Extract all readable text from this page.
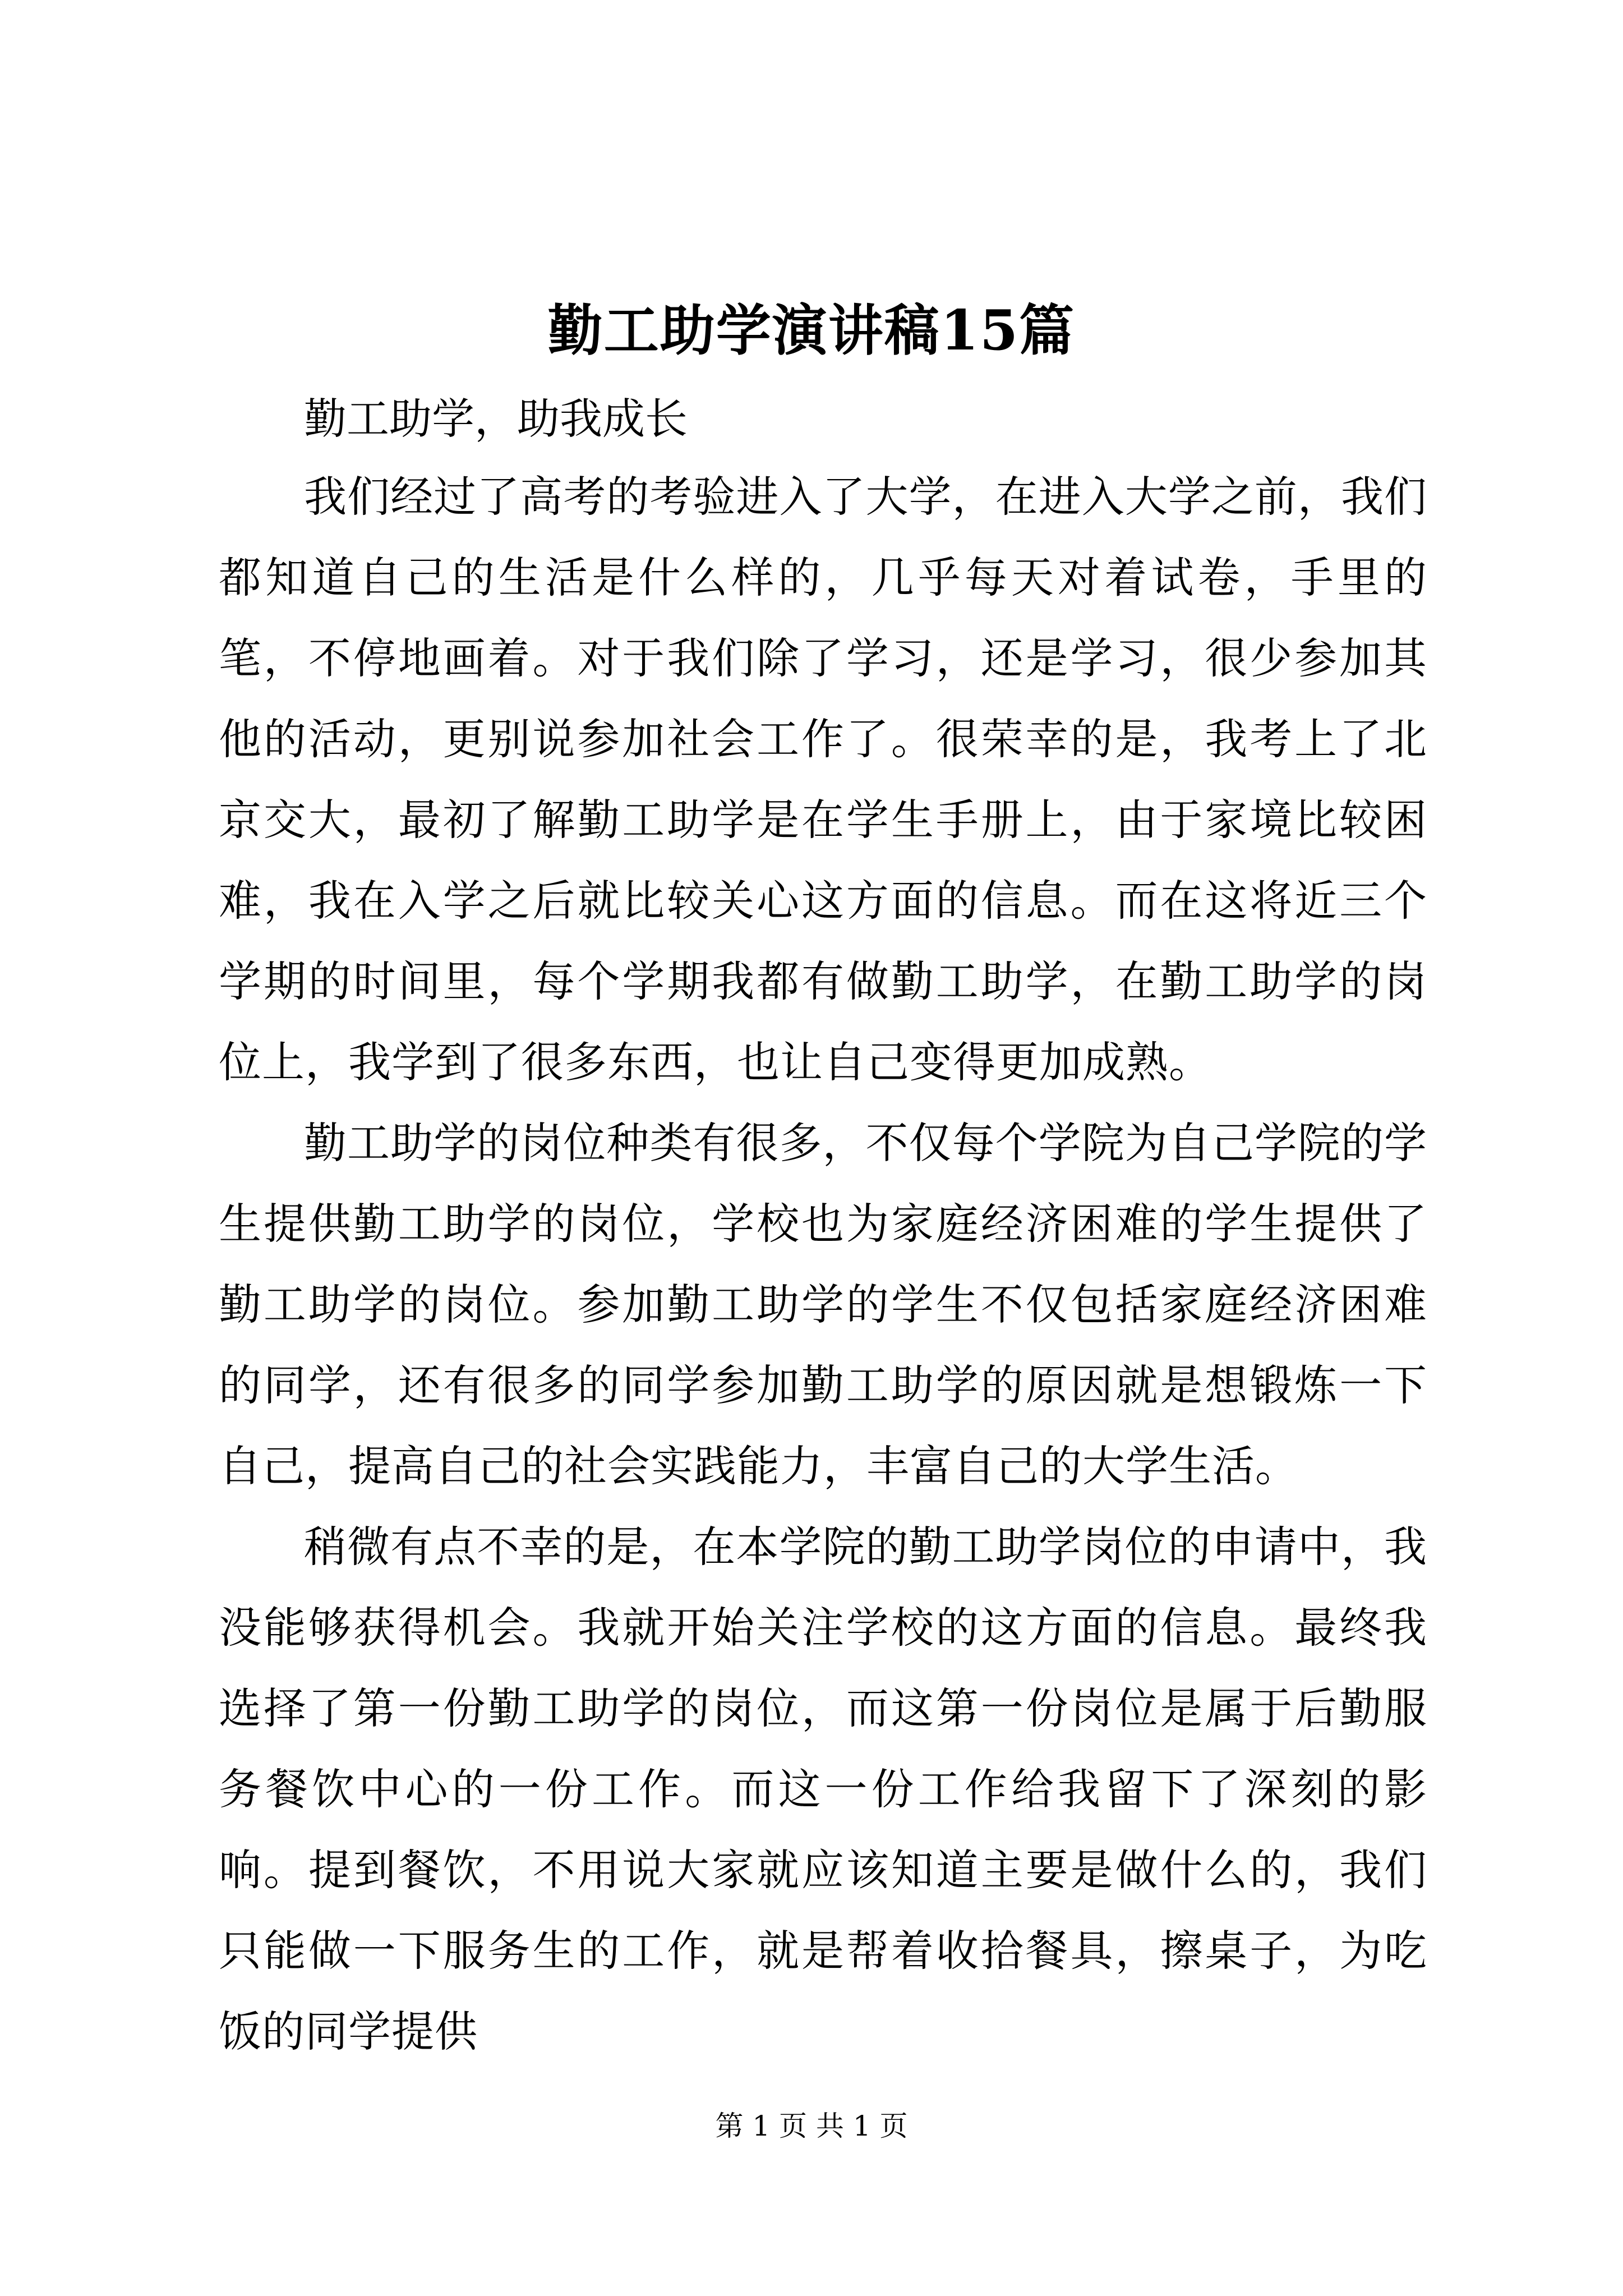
勤工助学演讲稿15篇

勤工助学，助我成长

我们经过了高考的考验进入了大学，在进入大学之前，我们都知道自己的生活是什么样的，几乎每天对着试卷，手里的笔，不停地画着。对于我们除了学习，还是学习，很少参加其他的活动，更别说参加社会工作了。很荣幸的是，我考上了北京交大，最初了解勤工助学是在学生手册上，由于家境比较困难，我在入学之后就比较关心这方面的信息。而在这将近三个学期的时间里，每个学期我都有做勤工助学，在勤工助学的岗位上，我学到了很多东西，也让自己变得更加成熟。

勤工助学的岗位种类有很多，不仅每个学院为自己学院的学生提供勤工助学的岗位，学校也为家庭经济困难的学生提供了勤工助学的岗位。参加勤工助学的学生不仅包括家庭经济困难的同学，还有很多的同学参加勤工助学的原因就是想锻炼一下自己，提高自己的社会实践能力，丰富自己的大学生活。

稍微有点不幸的是，在本学院的勤工助学岗位的申请中，我没能够获得机会。我就开始关注学校的这方面的信息。最终我选择了第一份勤工助学的岗位，而这第一份岗位是属于后勤服务餐饮中心的一份工作。而这一份工作给我留下了深刻的影响。提到餐饮，不用说大家就应该知道主要是做什么的，我们只能做一下服务生的工作，就是帮着收拾餐具，擦桌子，为吃饭的同学提供

第 1 页 共 1 页
